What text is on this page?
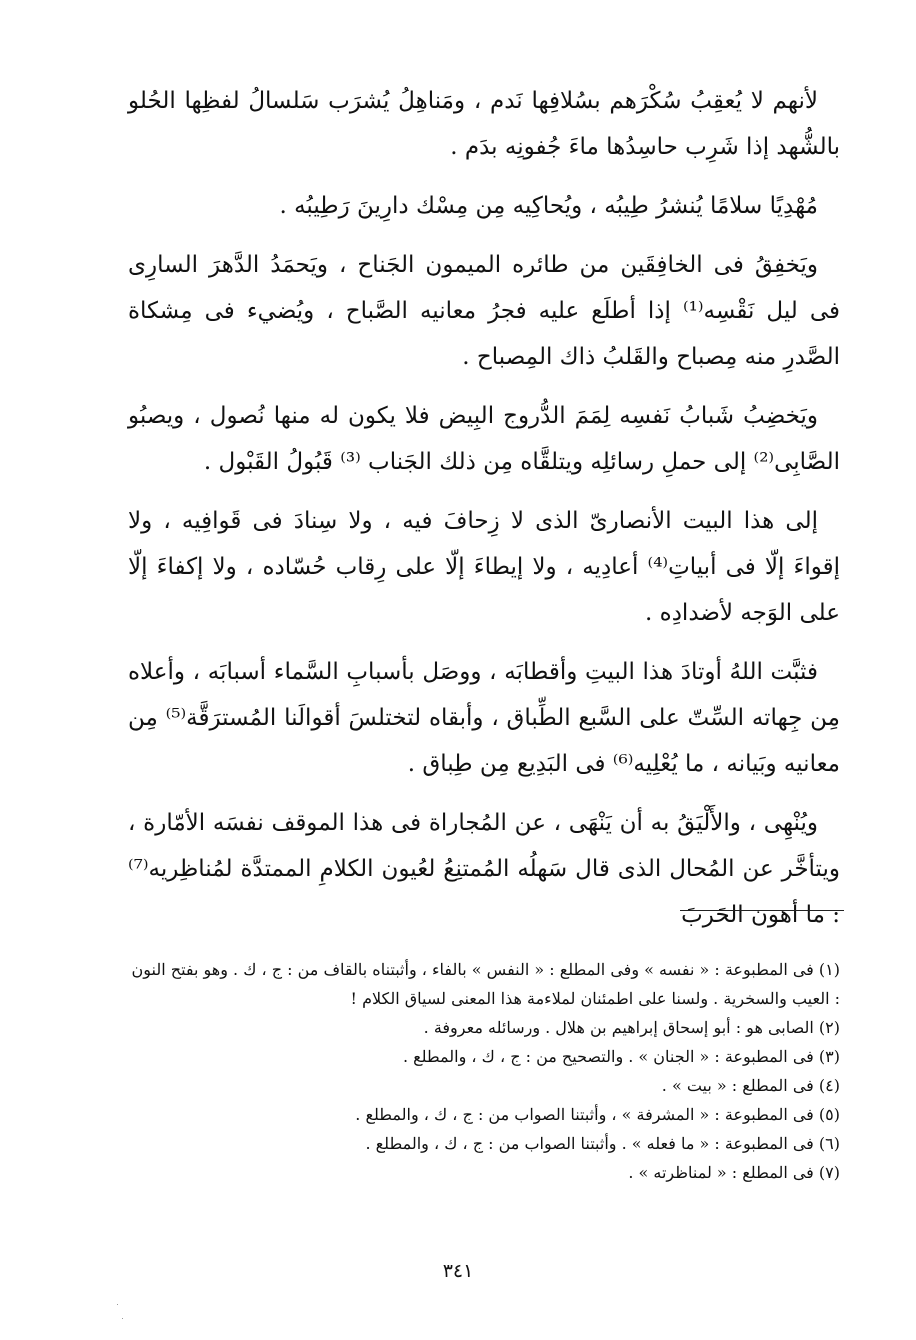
لأنهم لا يُعقِبُ سُكْرَهم بسُلافِها نَدم ، ومَناهِلُ يُشرَب سَلسالُ لفظِها الحُلو بالشُّهد إذا شَرِب حاسِدُها ماءَ جُفونِه بدَم .

مُهْدِيًا سلامًا يُنشرُ طِيبُه ، ويُحاكِيه مِن مِسْك دارِينَ رَطِيبُه .

ويَخفِقُ فى الخافِقَين من طائره الميمون الجَناح ، ويَحمَدُ الدَّهرَ السارِى فى ليل نَقْسِه⁽¹⁾ إذا أطلَع عليه فجرُ معانيه الصَّباح ، ويُضيء فى مِشكاة الصَّدرِ منه مِصباح والقَلبُ ذاك المِصباح .

ويَخضِبُ شَبابُ نَفسِه لِمَمَ الدُّروج البِيض فلا يكون له منها نُصول ، ويصبُو الصَّابِى⁽²⁾ إلى حملِ رسائلِه ويتلقَّاه مِن ذلك الجَناب ⁽³⁾ قَبُولُ القَبْول .

إلى هذا البيت الأنصارىّ الذى لا زِحافَ فيه ، ولا سِنادَ فى قَوافِيه ، ولا إقواءَ إلّا فى أبياتِ⁽⁴⁾ أعادِيه ، ولا إيطاءَ إلّا على رِقاب حُسّاده ، ولا إكفاءَ إلّا على الوَجه لأضدادِه .

فثبَّت اللهُ أوتادَ هذا البيتِ وأقطابَه ، ووصَل بأسبابِ السَّماء أسبابَه ، وأعلاه مِن جِهاته السِّتّ على السَّبع الطِّباق ، وأبقاه لتختلسَ أقوالَنا المُسترَقَّة⁽⁵⁾ مِن معانيه وبَيانه ، ما يُعْلِيه⁽⁶⁾ فى البَدِيع مِن طِباق .

ويُنْهِى ، والأَلْيَقُ به أن يَنْهَى ، عن المُجاراة فى هذا الموقف نفسَه الأمّارة ، ويتأخَّر عن المُحال الذى قال سَهلُه المُمتنِعُ لعُيون الكلامِ الممتدَّة لمُناظِريه⁽⁷⁾ : ما أهون الحَربَ

(١) فى المطبوعة : « نفسه » وفى المطلع : « النفس » بالفاء ، وأثبتناه بالقاف من : ج ، ك . وهو بفتح النون : العيب والسخرية . ولسنا على اطمئنان لملاءمة هذا المعنى لسياق الكلام !

(٢) الصابى هو : أبو إسحاق إبراهيم بن هلال . ورسائله معروفة .

(٣) فى المطبوعة : « الجنان » . والتصحيح من : ج ، ك ، والمطلع .

(٤) فى المطلع : « بيت » .

(٥) فى المطبوعة : « المشرفة » ، وأثبتنا الصواب من : ج ، ك ، والمطلع .

(٦) فى المطبوعة : « ما فعله » . وأثبتنا الصواب من : ج ، ك ، والمطلع .

(٧) فى المطلع : « لمناظرته » .

٣٤١
